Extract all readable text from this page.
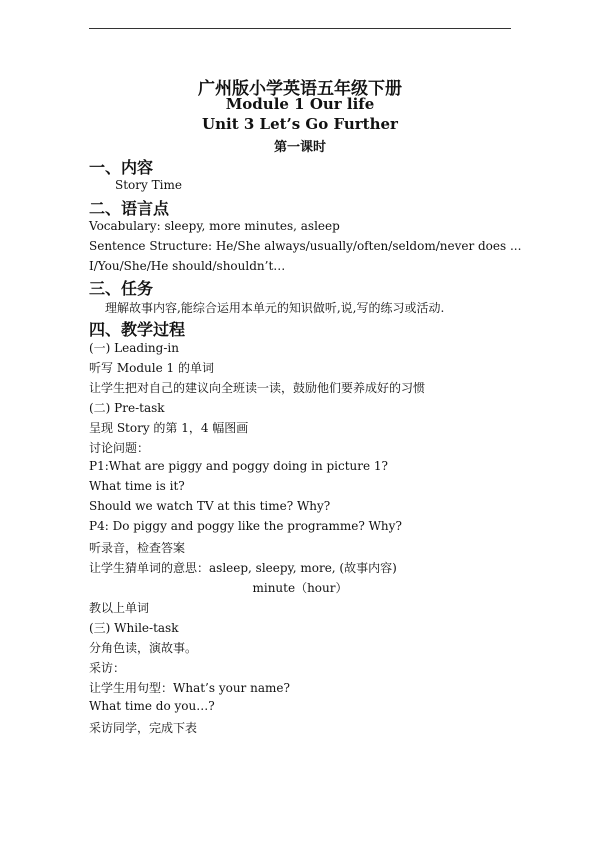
广州版小学英语五年级下册
Module 1 Our life
Unit 3 Let’s Go Further
第一课时
一、内容
Story Time
二、语言点
Vocabulary: sleepy, more minutes, asleep
Sentence Structure: He/She always/usually/often/seldom/never does ...
I/You/She/He should/shouldn’t…
三、任务
理解故事内容,能综合运用本单元的知识做听,说,写的练习或活动.
四、教学过程
(一) Leading-in
听写 Module 1 的单词
让学生把对自己的建议向全班读一读，鼓励他们要养成好的习惯
(二) Pre-task
呈现 Story 的第 1，4 幅图画
讨论问题：
P1:What are piggy and poggy doing in picture 1?
What time is it?
Should we watch TV at this time? Why?
P4: Do piggy and poggy like the programme? Why?
听录音，检查答案
让学生猜单词的意思：asleep, sleepy, more, (故事内容)
minute（hour）
教以上单词
(三) While-task
分角色读，演故事。
采访：
让学生用句型：What’s your name?
What time do you…?
采访同学，完成下表
